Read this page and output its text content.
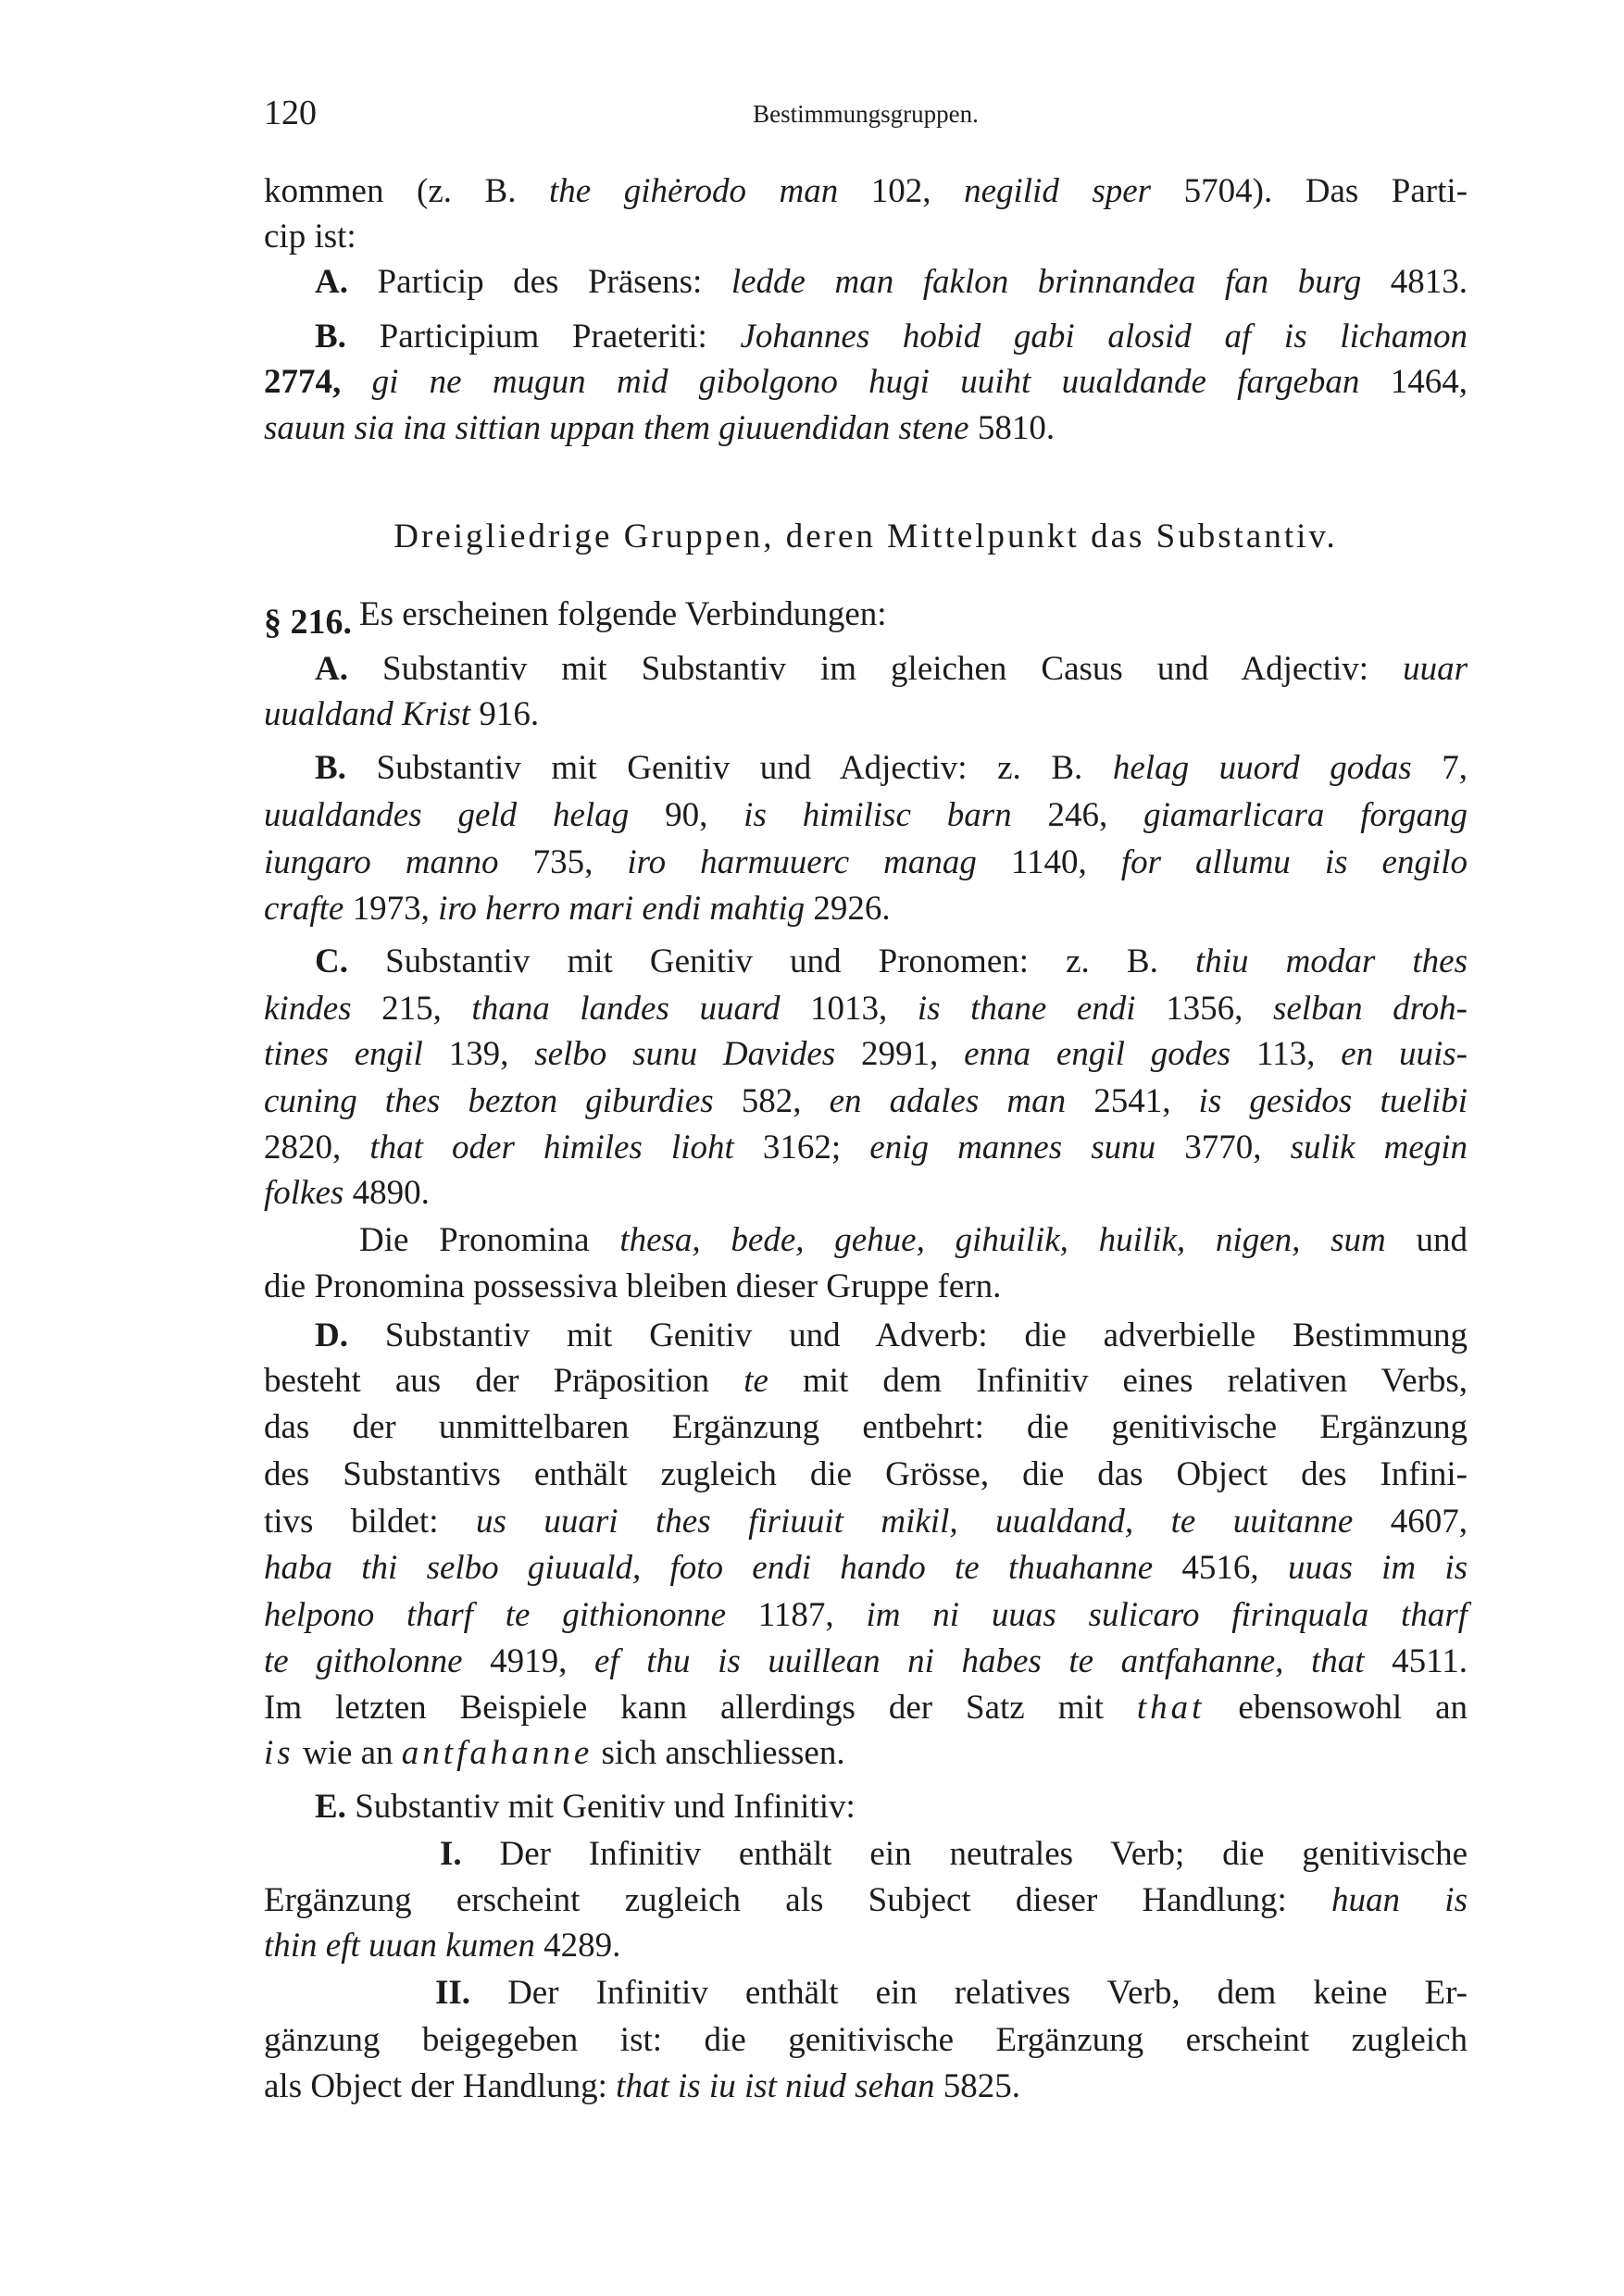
120	Bestimmungsgruppen.
Dreigliedrige Gruppen, deren Mittelpunkt das Substantiv.
§ 216.
kommen (z. B. the gihėrodo man 102, negilid sper 5704). Das Parti-
cip ist:
A. Particip des Präsens: ledde man faklon brinnandea fan burg 4813.
B. Participium Praeteriti: Johannes hobid gabi alosid af is lichamon
2774, gi ne mugun mid gibolgono hugi uuiht uualdande fargeban 1464,
sauun sia ina sittian uppan them giuuendidan stene 5810.
Es erscheinen folgende Verbindungen:
A. Substantiv mit Substantiv im gleichen Casus und Adjectiv: uuar
uualdand Krist 916.
B. Substantiv mit Genitiv und Adjectiv: z. B. helag uuord godas 7,
uualdandes geld helag 90, is himilisc barn 246, giamarlicara forgang
iungaro manno 735, iro harmuuerc manag 1140, for allumu is engilo
crafte 1973, iro herro mari endi mahtig 2926.
C. Substantiv mit Genitiv und Pronomen: z. B. thiu modar thes
kindes 215, thana landes uuard 1013, is thane endi 1356, selban droh-
tines engil 139, selbo sunu Davides 2991, enna engil godes 113, en uuis-
cuning thes bezton giburdies 582, en adales man 2541, is gesidos tuelibi
2820, that oder himiles lioht 3162; enig mannes sunu 3770, sulik megin
folkes 4890.
Die Pronomina thesa, bede, gehue, gihuilik, huilik, nigen, sum und
die Pronomina possessiva bleiben dieser Gruppe fern.
D. Substantiv mit Genitiv und Adverb: die adverbielle Bestimmung
besteht aus der Präposition te mit dem Infinitiv eines relativen Verbs,
das der unmittelbaren Ergänzung entbehrt: die genitivische Ergänzung
des Substantivs enthält zugleich die Grösse, die das Object des Infini-
tivs bildet: us uuari thes firiuuit mikil, uualdand, te uuitanne 4607,
haba thi selbo giuuald, foto endi hando te thuahanne 4516, uuas im is
helpono tharf te githiononne 1187, im ni uuas sulicaro firinquala tharf
te githolonne 4919, ef thu is uuillean ni habes te antfahanne, that 4511.
Im letzten Beispiele kann allerdings der Satz mit that ebensowohl an
is wie an antfahanne sich anschliessen.
E. Substantiv mit Genitiv und Infinitiv:
I. Der Infinitiv enthält ein neutrales Verb; die genitivische
Ergänzung erscheint zugleich als Subject dieser Handlung: huan is
thin eft uuan kumen 4289.
II. Der Infinitiv enthält ein relatives Verb, dem keine Er-
gänzung beigegeben ist: die genitivische Ergänzung erscheint zugleich
als Object der Handlung: that is iu ist niud sehan 5825.
